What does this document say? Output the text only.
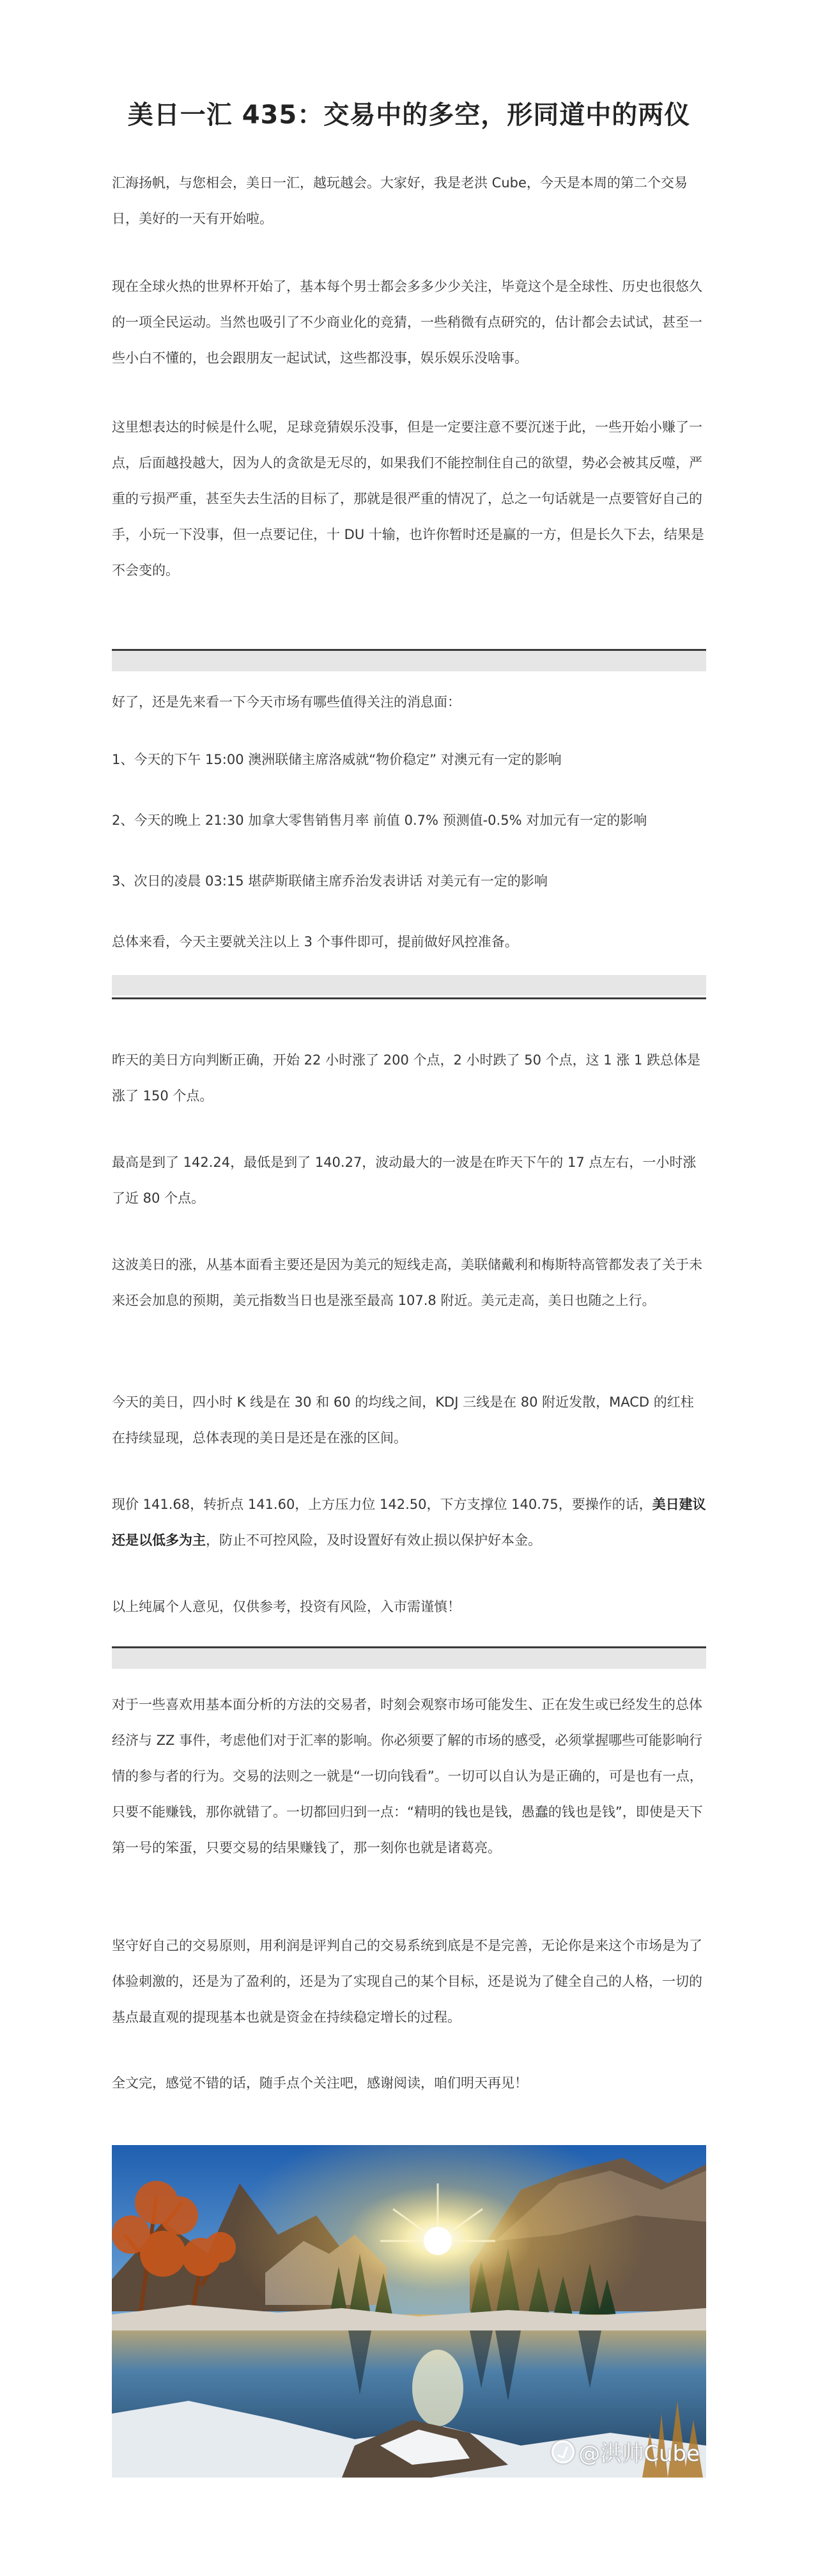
美日一汇 435：交易中的多空，形同道中的两仪

汇海扬帆，与您相会，美日一汇，越玩越会。大家好，我是老洪 Cube，今天是本周的第二个交易日，美好的一天有开始啦。

现在全球火热的世界杯开始了，基本每个男士都会多多少少关注，毕竟这个是全球性、历史也很悠久的一项全民运动。当然也吸引了不少商业化的竞猜，一些稍微有点研究的，估计都会去试试，甚至一些小白不懂的，也会跟朋友一起试试，这些都没事，娱乐娱乐没啥事。

这里想表达的时候是什么呢，足球竞猜娱乐没事，但是一定要注意不要沉迷于此，一些开始小赚了一点，后面越投越大，因为人的贪欲是无尽的，如果我们不能控制住自己的欲望，势必会被其反噬，严重的亏损严重，甚至失去生活的目标了，那就是很严重的情况了，总之一句话就是一点要管好自己的手，小玩一下没事，但一点要记住，十 DU 十输，也许你暂时还是赢的一方，但是长久下去，结果是不会变的。

好了，还是先来看一下今天市场有哪些值得关注的消息面：

1、今天的下午 15:00 澳洲联储主席洛威就“物价稳定” 对澳元有一定的影响

2、今天的晚上 21:30 加拿大零售销售月率 前值 0.7% 预测值-0.5% 对加元有一定的影响

3、次日的凌晨 03:15 堪萨斯联储主席乔治发表讲话 对美元有一定的影响

总体来看，今天主要就关注以上 3 个事件即可，提前做好风控准备。

昨天的美日方向判断正确，开始 22 小时涨了 200 个点，2 小时跌了 50 个点，这 1 涨 1 跌总体是涨了 150 个点。

最高是到了 142.24，最低是到了 140.27，波动最大的一波是在昨天下午的 17 点左右，一小时涨了近 80 个点。

这波美日的涨，从基本面看主要还是因为美元的短线走高，美联储戴利和梅斯特高管都发表了关于未来还会加息的预期，美元指数当日也是涨至最高 107.8 附近。美元走高，美日也随之上行。

今天的美日，四小时 K 线是在 30 和 60 的均线之间，KDJ 三线是在 80 附近发散，MACD 的红柱在持续显现，总体表现的美日是还是在涨的区间。

现价 141.68，转折点 141.60，上方压力位 142.50，下方支撑位 140.75，要操作的话，美日建议还是以低多为主，防止不可控风险，及时设置好有效止损以保护好本金。

以上纯属个人意见，仅供参考，投资有风险，入市需谨慎！

对于一些喜欢用基本面分析的方法的交易者，时刻会观察市场可能发生、正在发生或已经发生的总体经济与 ZZ 事件，考虑他们对于汇率的影响。你必须要了解的市场的感受，必须掌握哪些可能影响行情的参与者的行为。交易的法则之一就是“一切向钱看”。一切可以自认为是正确的，可是也有一点，只要不能赚钱，那你就错了。一切都回归到一点：“精明的钱也是钱，愚蠢的钱也是钱”，即使是天下第一号的笨蛋，只要交易的结果赚钱了，那一刻你也就是诸葛亮。

坚守好自己的交易原则，用利润是评判自己的交易系统到底是不是完善，无论你是来这个市场是为了体验刺激的，还是为了盈利的，还是为了实现自己的某个目标，还是说为了健全自己的人格，一切的基点最直观的提现基本也就是资金在持续稳定增长的过程。

全文完，感觉不错的话，随手点个关注吧，感谢阅读，咱们明天再见！

@洪帅Cube
